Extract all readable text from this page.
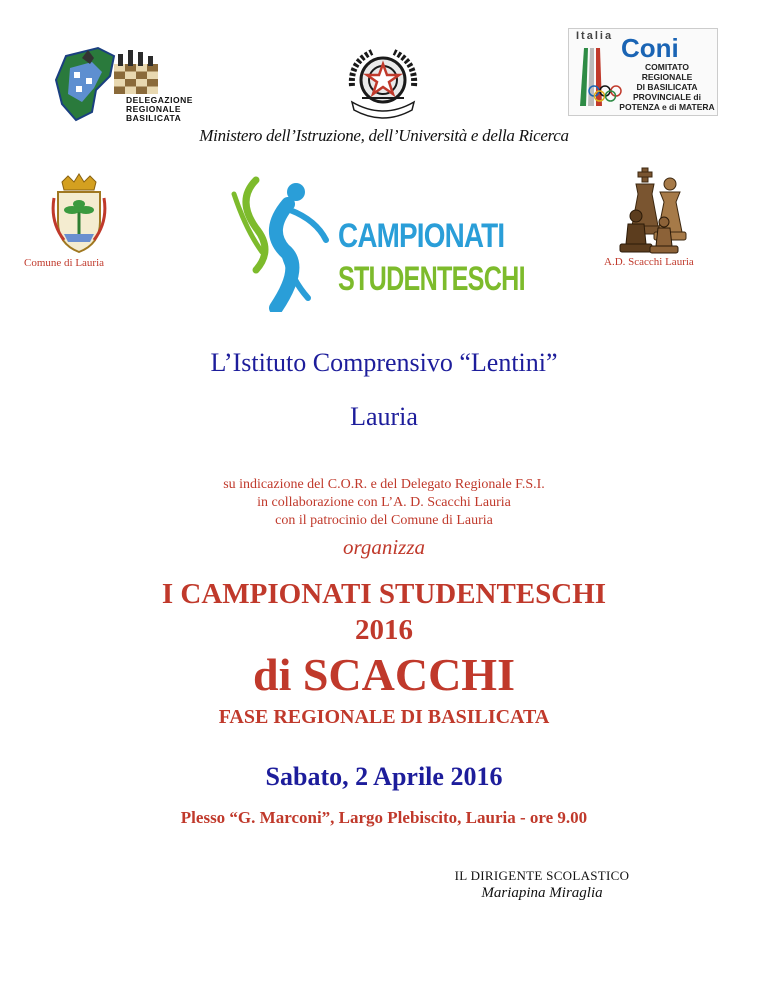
DELEGAZIONE
REGIONALE
BASILICATA
Italia Coni
COMITATO REGIONALE
DI BASILICATA
PROVINCIALE di
POTENZA e di MATERA
Ministero dell’Istruzione, dell’Università e della Ricerca
Comune di Lauria	A.D. Scacchi Lauria
CAMPIONATI
STUDENTESCHI
L’Istituto Comprensivo “Lentini”
Lauria
su indicazione del C.O.R. e del Delegato Regionale F.S.I.
in collaborazione con L’A. D. Scacchi Lauria
con il patrocinio del Comune di Lauria
organizza
I CAMPIONATI STUDENTESCHI
2016
di SCACCHI
FASE REGIONALE DI BASILICATA
Sabato, 2 Aprile 2016
Plesso “G. Marconi”, Largo Plebiscito, Lauria - ore 9.00
IL DIRIGENTE SCOLASTICO
Mariapina Miraglia
